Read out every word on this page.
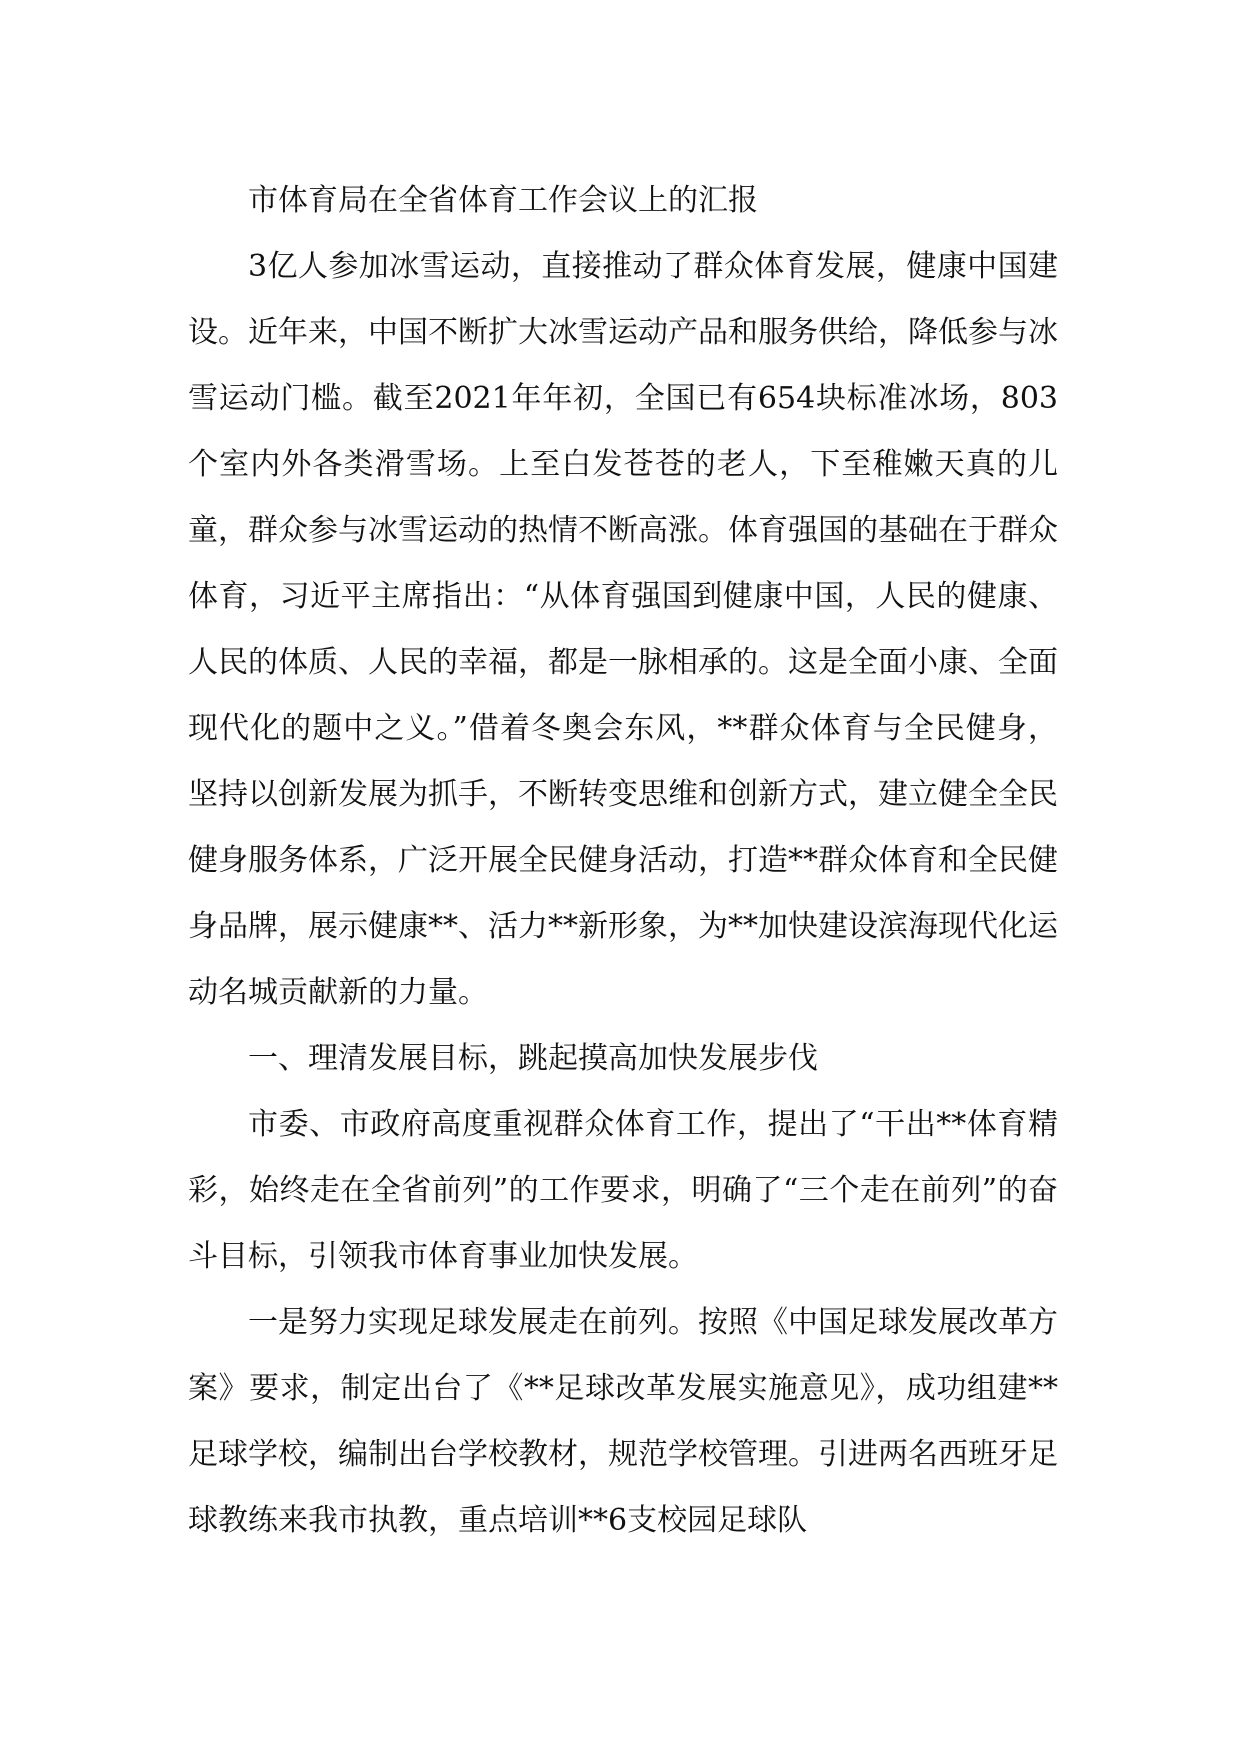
市体育局在全省体育工作会议上的汇报

3亿人参加冰雪运动，直接推动了群众体育发展，健康中国建设。近年来，中国不断扩大冰雪运动产品和服务供给，降低参与冰雪运动门槛。截至2021年年初，全国已有654块标准冰场，803个室内外各类滑雪场。上至白发苍苍的老人，下至稚嫩天真的儿童，群众参与冰雪运动的热情不断高涨。体育强国的基础在于群众体育，习近平主席指出：“从体育强国到健康中国，人民的健康、人民的体质、人民的幸福，都是一脉相承的。这是全面小康、全面现代化的题中之义。”借着冬奥会东风，**群众体育与全民健身，坚持以创新发展为抓手，不断转变思维和创新方式，建立健全全民健身服务体系，广泛开展全民健身活动，打造**群众体育和全民健身品牌，展示健康**、活力**新形象，为**加快建设滨海现代化运动名城贡献新的力量。

一、理清发展目标，跳起摸高加快发展步伐

市委、市政府高度重视群众体育工作，提出了“干出**体育精彩，始终走在全省前列”的工作要求，明确了“三个走在前列”的奋斗目标，引领我市体育事业加快发展。

一是努力实现足球发展走在前列。按照《中国足球发展改革方案》要求，制定出台了《**足球改革发展实施意见》，成功组建**足球学校，编制出台学校教材，规范学校管理。引进两名西班牙足球教练来我市执教，重点培训**6支校园足球队
